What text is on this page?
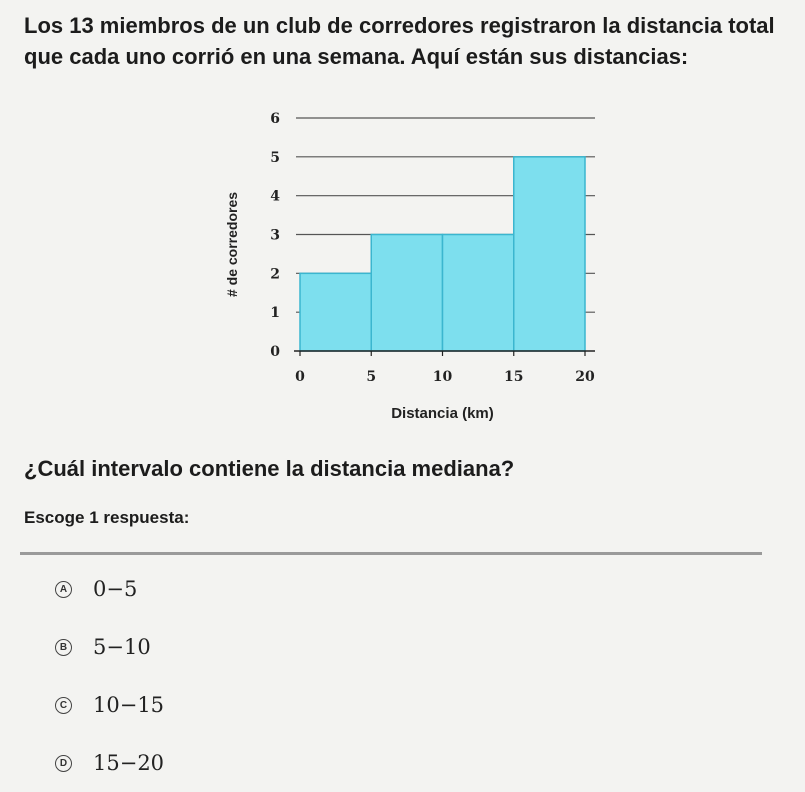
Los 13 miembros de un club de corredores registraron la distancia total que cada uno corrió en una semana. Aquí están sus distancias:
0
1
2
3
4
5
6
0	5	10	15	20
Distancia (km)
# de corredores
¿Cuál intervalo contiene la distancia mediana?
Escoge 1 respuesta:
A 0−5
B 5−10
C 10−15
D 15−20
